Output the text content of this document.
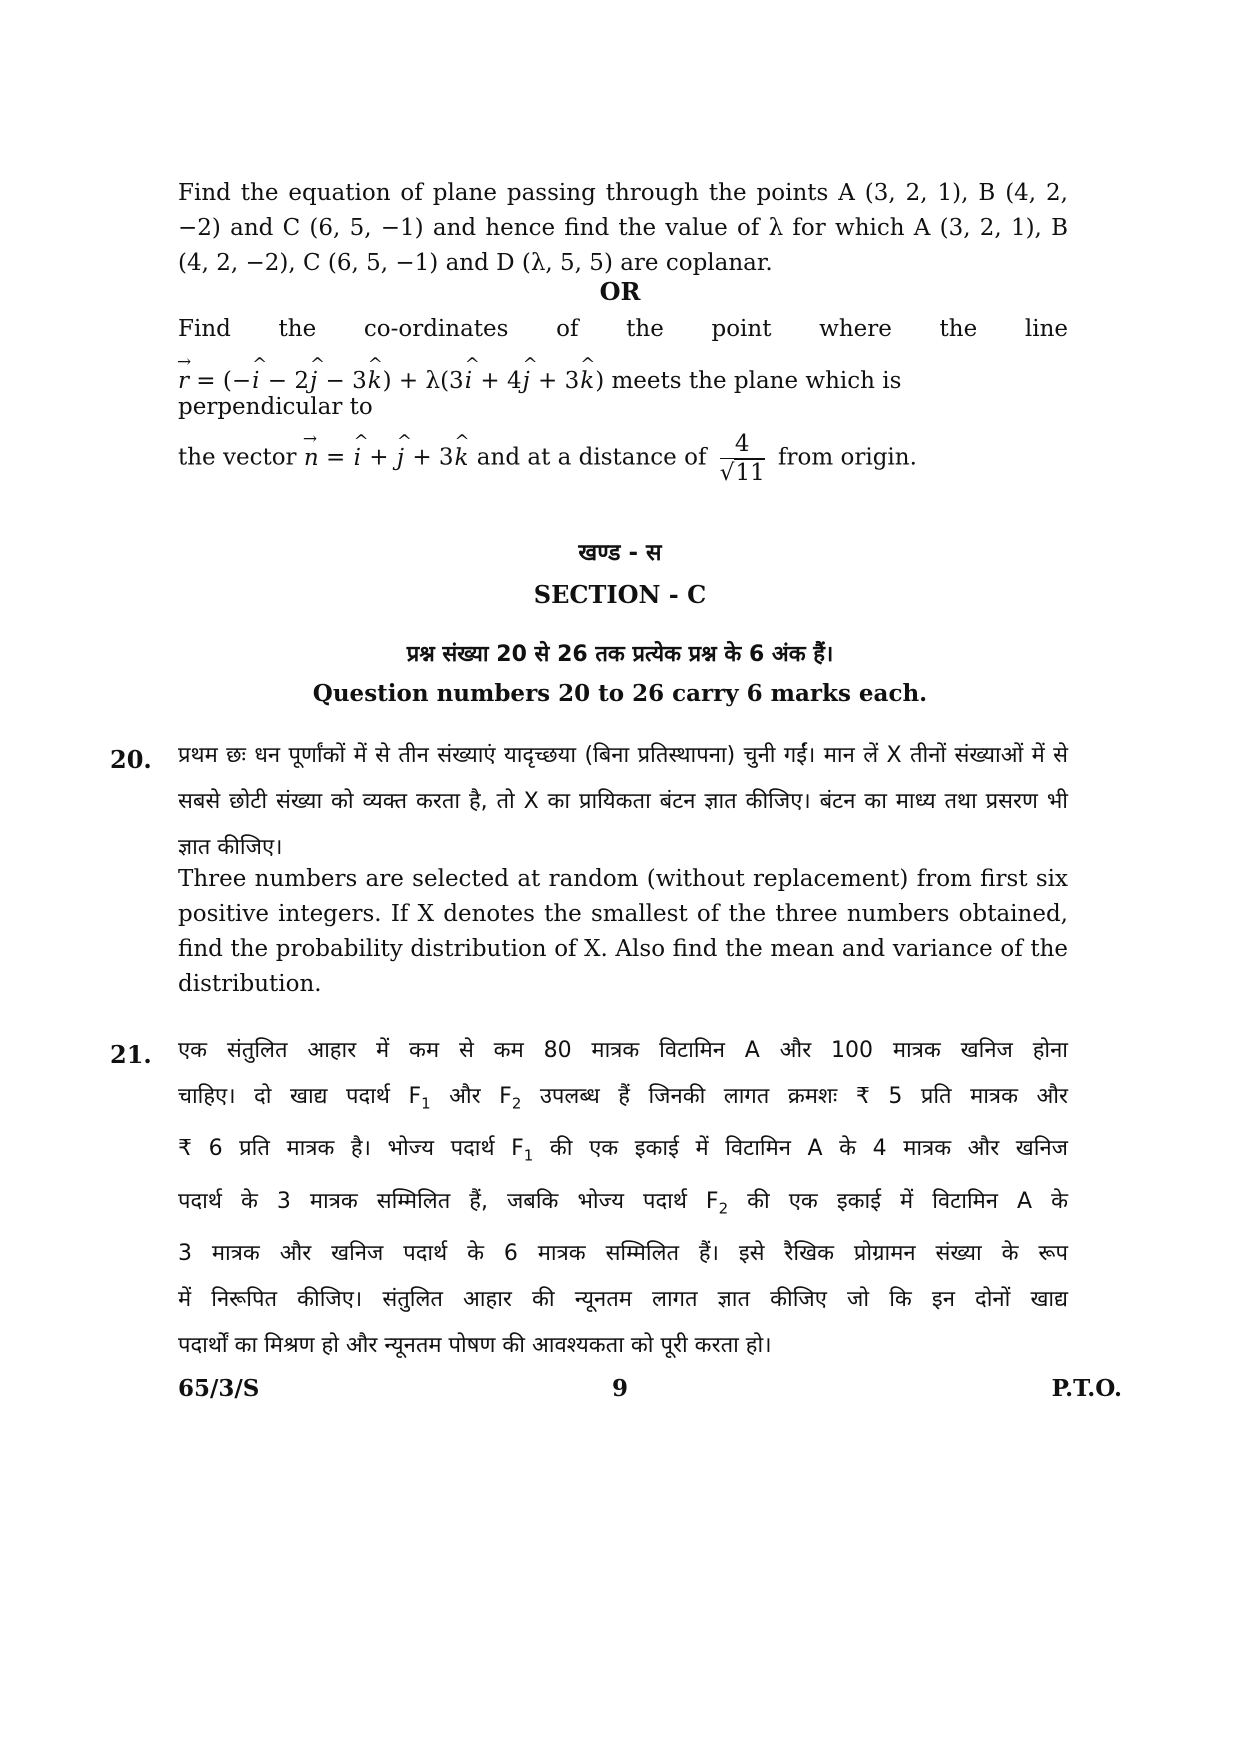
Find the equation of plane passing through the points A (3, 2, 1), B (4, 2, −2) and C (6, 5, −1) and hence find the value of λ for which A (3, 2, 1), B (4, 2, −2), C (6, 5, −1) and D (λ, 5, 5) are coplanar.
OR
Find the co-ordinates of the point where the line
→ r = (−^ i − 2^ j − 3^ k) + λ(3^ i + 4^ j + 3^ k) meets the plane which is perpendicular to
the vector → n = ^ i + ^ j + 3^ k and at a distance of $\frac{4}{√11}$ from origin.
खण्ड - स
SECTION - C
प्रश्न संख्या 20 से 26 तक प्रत्येक प्रश्न के 6 अंक हैं।
Question numbers 20 to 26 carry 6 marks each.
20. प्रथम छः धन पूर्णांकों में से तीन संख्याएं यादृच्छया (बिना प्रतिस्थापना) चुनी गईं। मान लें X तीनों संख्याओं में से सबसे छोटी संख्या को व्यक्त करता है, तो X का प्रायिकता बंटन ज्ञात कीजिए। बंटन का माध्य तथा प्रसरण भी ज्ञात कीजिए।
Three numbers are selected at random (without replacement) from first six positive integers. If X denotes the smallest of the three numbers obtained, find the probability distribution of X. Also find the mean and variance of the distribution.
21. एक संतुलित आहार में कम से कम 80 मात्रक विटामिन A और 100 मात्रक खनिज होना
चाहिए। दो खाद्य पदार्थ $F_1$ और $F_2$ उपलब्ध हैं जिनकी लागत क्रमशः ₹ 5 प्रति मात्रक और
₹ 6 प्रति मात्रक है। भोज्य पदार्थ $F_1$ की एक इकाई में विटामिन A के 4 मात्रक और खनिज
पदार्थ के 3 मात्रक सम्मिलित हैं, जबकि भोज्य पदार्थ $F_2$ की एक इकाई में विटामिन A के
3 मात्रक और खनिज पदार्थ के 6 मात्रक सम्मिलित हैं। इसे रैखिक प्रोग्रामन संख्या के रूप
में निरूपित कीजिए। संतुलित आहार की न्यूनतम लागत ज्ञात कीजिए जो कि इन दोनों खाद्य
पदार्थों का मिश्रण हो और न्यूनतम पोषण की आवश्यकता को पूरी करता हो।
65/3/S	9	P.T.O.
